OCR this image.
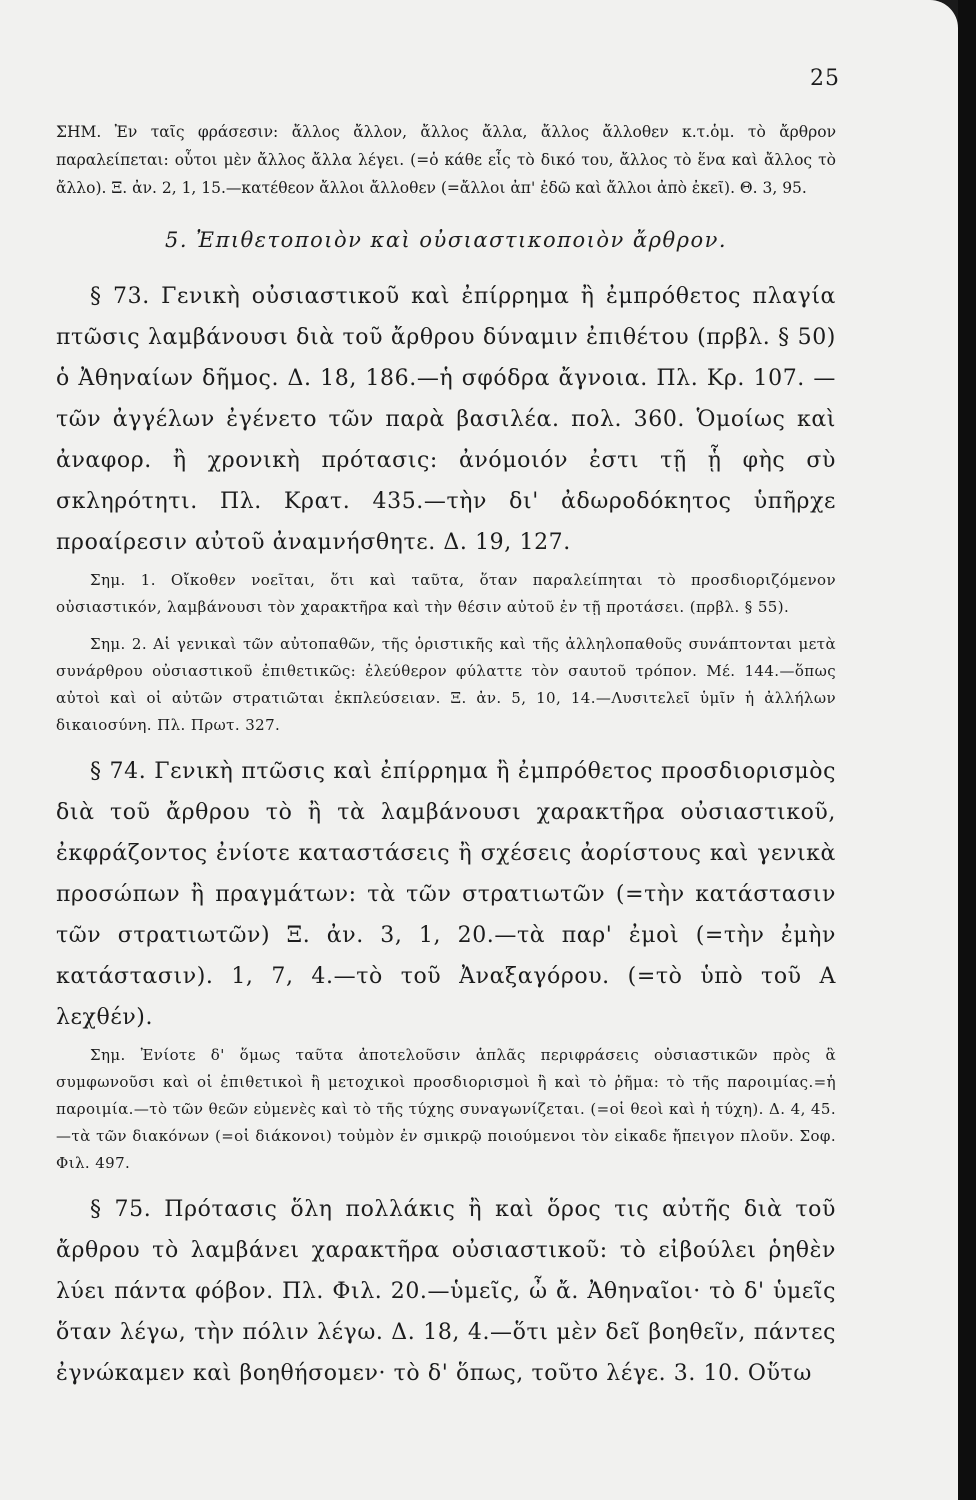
25
ΣΗΜ. Ἐν ταῖς φράσεσιν: ἄλλος ἄλλον, ἄλλος ἄλλα, ἄλλος ἄλλοθεν κ.τ.ὁμ. τὸ ἄρθρον παραλείπεται: οὗτοι μὲν ἄλλος ἄλλα λέγει. (=ὁ κάθε εἷς τὸ δικό του, ἄλλος τὸ ἕνα καὶ ἄλλος τὸ ἄλλο). Ξ. ἀν. 2, 1, 15.—κατέθεον ἄλλοι ἄλλοθεν (=ἄλλοι ἀπ' ἐδῶ καὶ ἄλλοι ἀπὸ ἐκεῖ). Θ. 3, 95.
5. Ἐπιθετοποιὸν καὶ οὐσιαστικοποιὸν ἄρθρον.
§ 73. Γενικὴ οὐσιαστικοῦ καὶ ἐπίρρημα ἢ ἐμπρόθετος πλαγία πτῶσις λαμβάνουσι διὰ τοῦ ἄρθρου δύναμιν ἐπιθέτου (πρβλ. § 50) ὁ Ἀθηναίων δῆμος. Δ. 18, 186.—ἡ σφόδρα ἄγνοια. Πλ. Κρ. 107. —τῶν ἀγγέλων ἐγένετο τῶν παρὰ βασιλέα. πολ. 360. Ὁμοίως καὶ ἀναφορ. ἢ χρονικὴ πρότασις: ἀνόμοιόν ἐστι τῇ ᾗ φὴς σὺ σκληρότητι. Πλ. Κρατ. 435.—τὴν δι' ἀδωροδόκητος ὑπῆρχε προαίρεσιν αὐτοῦ ἀναμνήσθητε. Δ. 19, 127.
Σημ. 1. Οἴκοθεν νοεῖται, ὅτι καὶ ταῦτα, ὅταν παραλείπηται τὸ προσδιοριζόμενον οὐσιαστικόν, λαμβάνουσι τὸν χαρακτῆρα καὶ τὴν θέσιν αὐτοῦ ἐν τῇ προτάσει. (πρβλ. § 55).
Σημ. 2. Αἱ γενικαὶ τῶν αὐτοπαθῶν, τῆς ὁριστικῆς καὶ τῆς ἀλληλοπαθοῦς συνάπτονται μετὰ συνάρθρου οὐσιαστικοῦ ἐπιθετικῶς: ἐλεύθερον φύλαττε τὸν σαυτοῦ τρόπον. Μέ. 144.—ὅπως αὐτοὶ καὶ οἱ αὐτῶν στρατιῶται ἐκπλεύσειαν. Ξ. ἀν. 5, 10, 14.—Λυσιτελεῖ ὑμῖν ἡ ἀλλήλων δικαιοσύνη. Πλ. Πρωτ. 327.
§ 74. Γενικὴ πτῶσις καὶ ἐπίρρημα ἢ ἐμπρόθετος προσδιορισμὸς διὰ τοῦ ἄρθρου τὸ ἢ τὰ λαμβάνουσι χαρακτῆρα οὐσιαστικοῦ, ἐκφράζοντος ἐνίοτε καταστάσεις ἢ σχέσεις ἀορίστους καὶ γενικὰ προσώπων ἢ πραγμάτων: τὰ τῶν στρατιωτῶν (=τὴν κατάστασιν τῶν στρατιωτῶν) Ξ. ἀν. 3, 1, 20.—τὰ παρ' ἐμοὶ (=τὴν ἐμὴν κατάστασιν). 1, 7, 4.—τὸ τοῦ Ἀναξαγόρου. (=τὸ ὑπὸ τοῦ Α λεχθέν).
Σημ. Ἐνίοτε δ' ὅμως ταῦτα ἀποτελοῦσιν ἁπλᾶς περιφράσεις οὐσιαστικῶν πρὸς ἃ συμφωνοῦσι καὶ οἱ ἐπιθετικοὶ ἢ μετοχικοὶ προσδιορισμοὶ ἢ καὶ τὸ ῥῆμα: τὸ τῆς παροιμίας.=ἡ παροιμία.—τὸ τῶν θεῶν εὐμενὲς καὶ τὸ τῆς τύχης συναγωνίζεται. (=οἱ θεοὶ καὶ ἡ τύχη). Δ. 4, 45.—τὰ τῶν διακόνων (=οἱ διάκονοι) τοὐμὸν ἐν σμικρῷ ποιούμενοι τὸν εἰκαδε ἤπειγον πλοῦν. Σοφ. Φιλ. 497.
§ 75. Πρότασις ὅλη πολλάκις ἢ καὶ ὅρος τις αὐτῆς διὰ τοῦ ἄρθρου τὸ λαμβάνει χαρακτῆρα οὐσιαστικοῦ: τὸ εἰβούλει ῥηθὲν λύει πάντα φόβον. Πλ. Φιλ. 20.—ὑμεῖς, ὦ ἄ. Ἀθηναῖοι· τὸ δ' ὑμεῖς ὅταν λέγω, τὴν πόλιν λέγω. Δ. 18, 4.—ὅτι μὲν δεῖ βοηθεῖν, πάντες ἐγνώκαμεν καὶ βοηθήσομεν· τὸ δ' ὅπως, τοῦτο λέγε. 3. 10. Οὕτω
